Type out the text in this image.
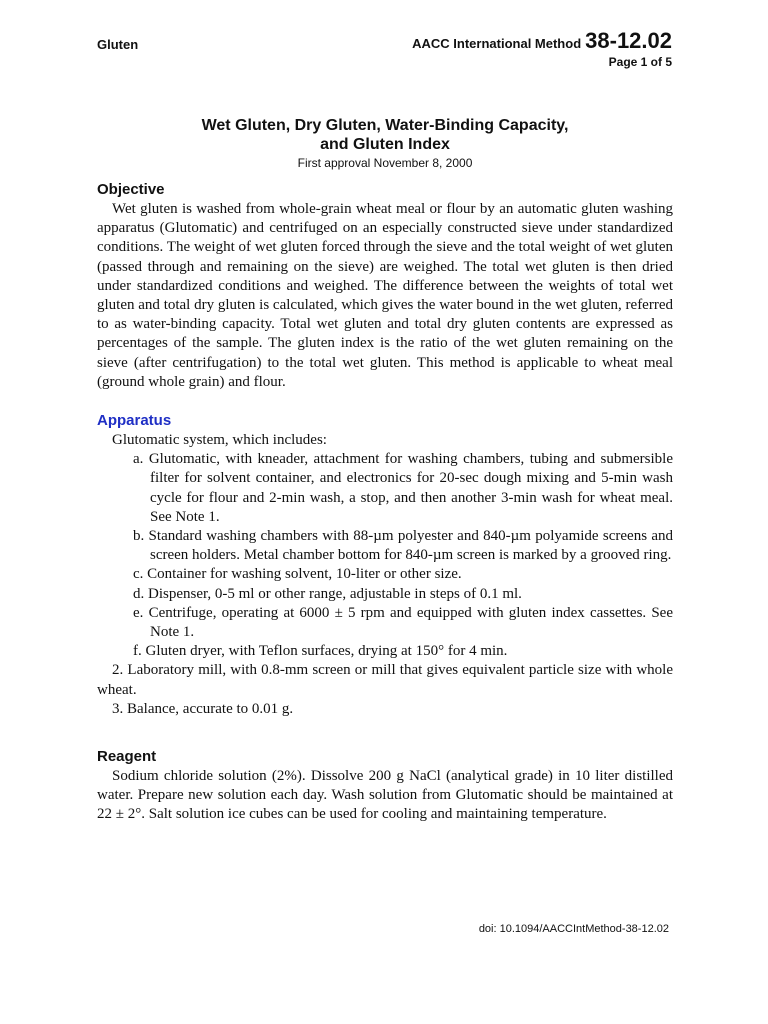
Gluten	AACC International Method 38-12.02
Page 1 of 5
Wet Gluten, Dry Gluten, Water-Binding Capacity,
and Gluten Index
First approval November 8, 2000
Objective

Wet gluten is washed from whole-grain wheat meal or flour by an automatic gluten washing apparatus (Glutomatic) and centrifuged on an especially constructed sieve under standardized conditions. The weight of wet gluten forced through the sieve and the total weight of wet gluten (passed through and remaining on the sieve) are weighed. The total wet gluten is then dried under standardized conditions and weighed. The difference between the weights of total wet gluten and total dry gluten is calculated, which gives the water bound in the wet gluten, referred to as water-binding capacity. Total wet gluten and total dry gluten contents are expressed as percentages of the sample. The gluten index is the ratio of the wet gluten remaining on the sieve (after centrifugation) to the total wet gluten. This method is applicable to wheat meal (ground whole grain) and flour.

Apparatus

Glutomatic system, which includes:

a. Glutomatic, with kneader, attachment for washing chambers, tubing and submersible filter for solvent container, and electronics for 20-sec dough mixing and 5-min wash cycle for flour and 2-min wash, a stop, and then another 3-min wash for wheat meal. See Note 1.

b. Standard washing chambers with 88-µm polyester and 840-µm polyamide screens and screen holders. Metal chamber bottom for 840-µm screen is marked by a grooved ring.

c. Container for washing solvent, 10-liter or other size.

d. Dispenser, 0-5 ml or other range, adjustable in steps of 0.1 ml.

e. Centrifuge, operating at 6000 ± 5 rpm and equipped with gluten index cassettes. See Note 1.

f. Gluten dryer, with Teflon surfaces, drying at 150° for 4 min.

2. Laboratory mill, with 0.8-mm screen or mill that gives equivalent particle size with whole wheat.

3. Balance, accurate to 0.01 g.

Reagent

Sodium chloride solution (2%). Dissolve 200 g NaCl (analytical grade) in 10 liter distilled water. Prepare new solution each day. Wash solution from Glutomatic should be maintained at 22 ± 2°. Salt solution ice cubes can be used for cooling and maintaining temperature.

doi: 10.1094/AACCIntMethod-38-12.02
